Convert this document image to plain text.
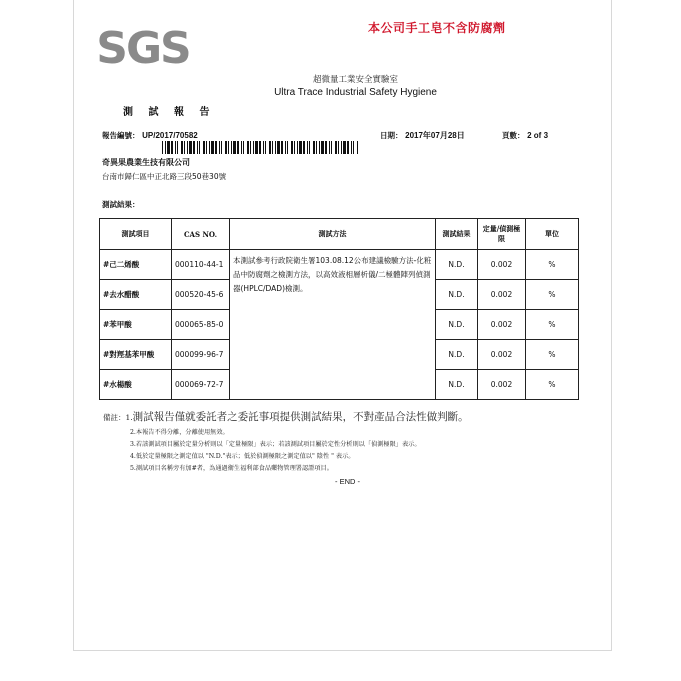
SGS	本公司手工皂不含防腐劑
超微量工業安全實驗室
Ultra Trace Industrial Safety Hygiene
測 試 報 告
報告編號： UP/2017/70582	日期： 2017年07月28日	頁數： 2 of 3
奇異果農業生技有限公司
台南市歸仁區中正北路三段50巷30號
測試結果：
測試項目	CAS NO.	測試方法	測試結果	定量/偵測極限	單位
#己二烯酸	000110-44-1	本測試參考行政院衛生署103.08.12公布建議檢驗方法-化粧品中防腐劑之檢測方法，以高效液相層析儀/二極體陣列偵測器(HPLC/DAD)檢測。	N.D.	0.002	%
#去水醋酸	000520-45-6		N.D.	0.002	%
#苯甲酸	000065-85-0		N.D.	0.002	%
#對羥基苯甲酸	000099-96-7		N.D.	0.002	%
#水楊酸	000069-72-7		N.D.	0.002	%
備註：1.測試報告僅就委託者之委託事項提供測試結果，不對產品合法性做判斷。
2.本報告不得分離，分離使用無效。
3.若該測試項目屬於定量分析則以「定量極限」表示；若該測試項目屬於定性分析則以「偵測極限」表示。
4.低於定量極限之測定值以 "N.D."表示；低於偵測極限之測定值以" 陰性 " 表示。
5.測試項目名稱旁有加#者，為通過衛生福利部食品藥物管理署認證項目。
- END -
